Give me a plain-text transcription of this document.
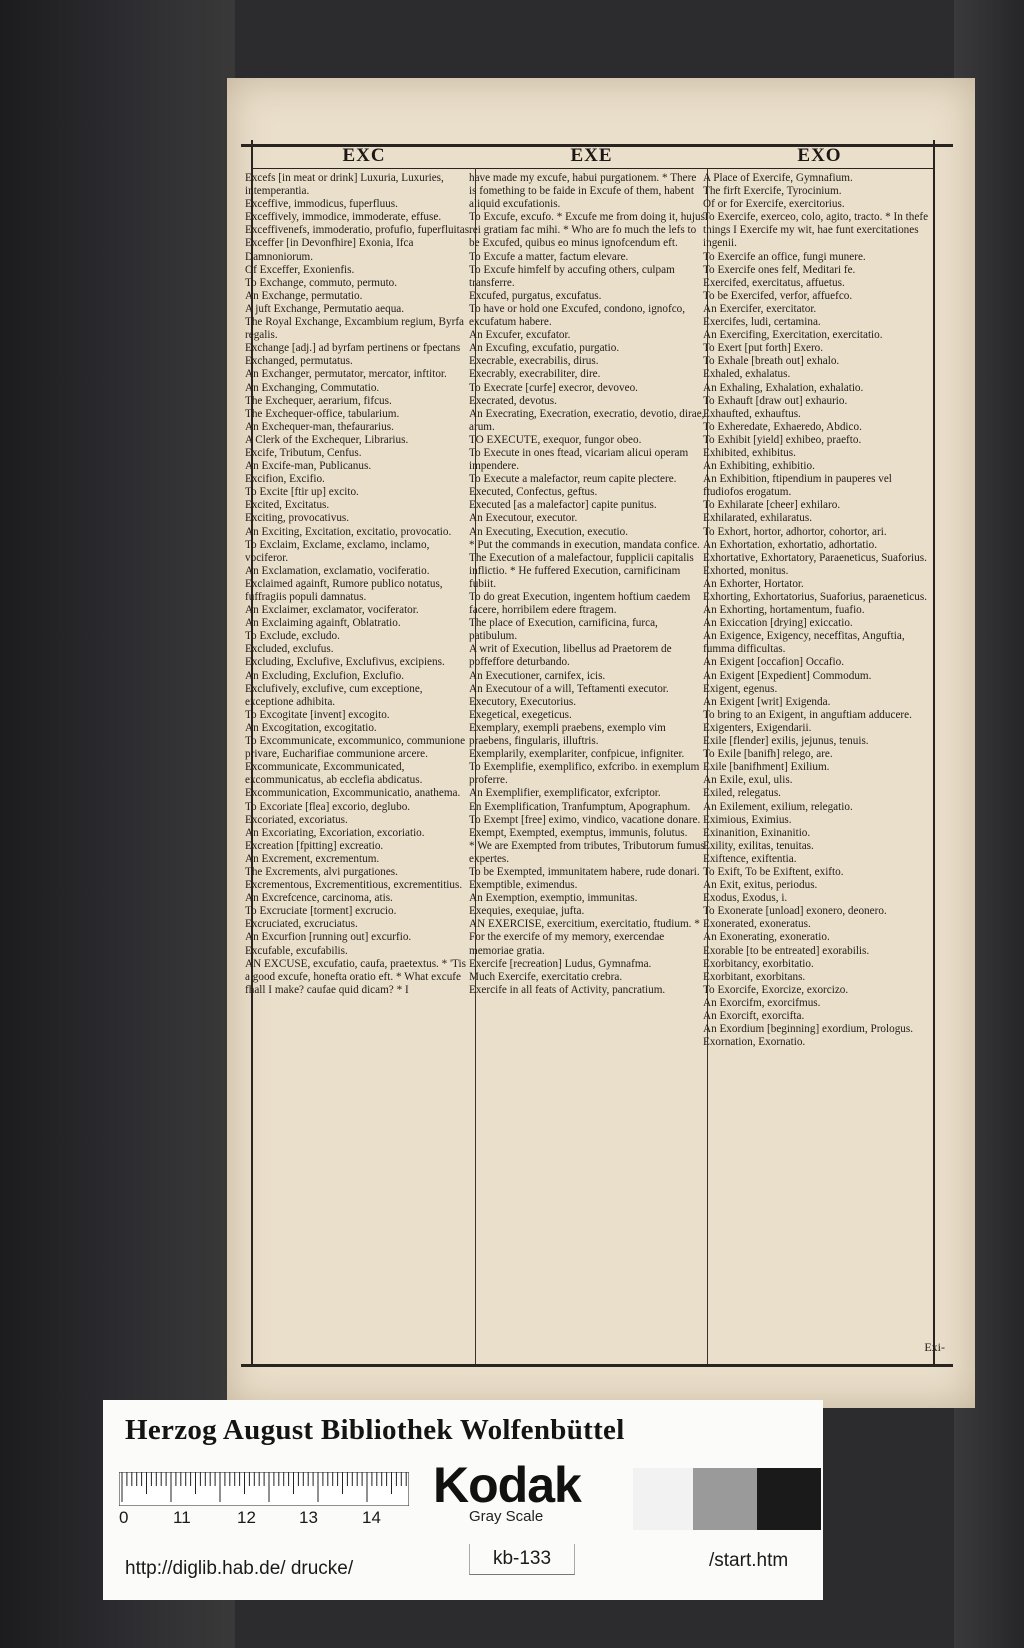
EXC	EXE	EXO

Excefs [in meat or drink] Luxuria, Luxuries, intemperantia.

Exceffive, immodicus, fuperfluus.

Exceffively, immodice, immoderate, effuse.

Exceffivenefs, immoderatio, profufio, fuperfluitas.

Exceffer [in Devonfhire] Exonia, Ifca Damnoniorum.

Of Exceffer, Exonienfis.

To Exchange, commuto, permuto.

An Exchange, permutatio.

A juft Exchange, Permutatio aequa.

The Royal Exchange, Excambium regium, Byrfa regalis.

Exchange [adj.] ad byrfam pertinens or fpectans

Exchanged, permutatus.

An Exchanger, permutator, mercator, inftitor.

An Exchanging, Commutatio.

The Exchequer, aerarium, fifcus.

The Exchequer-office, tabularium.

An Exchequer-man, thefaurarius.

A Clerk of the Exchequer, Librarius.

Excife, Tributum, Cenfus.

An Excife-man, Publicanus.

Excifion, Excifio.

To Excite [ftir up] excito.

Excited, Excitatus.

Exciting, provocativus.

An Exciting, Excitation, excitatio, provocatio.

To Exclaim, Exclame, exclamo, inclamo, vociferor.

An Exclamation, exclamatio, vociferatio.

Exclaimed againft, Rumore publico notatus, fuffragiis populi damnatus.

An Exclaimer, exclamator, vociferator.

An Exclaiming againft, Oblatratio.

To Exclude, excludo.

Excluded, exclufus.

Excluding, Exclufive, Exclufivus, excipiens.

An Excluding, Exclufion, Exclufio.

Exclufively, exclufive, cum exceptione, exceptione adhibita.

To Excogitate [invent] excogito.

An Excogitation, excogitatio.

To Excommunicate, excommunico, communione privare, Eucharifiae communione arcere.

Excommunicate, Excommunicated, excommunicatus, ab ecclefia abdicatus.

Excommunication, Excommunicatio, anathema.

To Excoriate [flea] excorio, deglubo.

Excoriated, excoriatus.

An Excoriating, Excoriation, excoriatio.

Excreation [fpitting] excreatio.

An Excrement, excrementum.

The Excrements, alvi purgationes.

Excrementous, Excrementitious, excrementitius.

An Excrefcence, carcinoma, atis.

To Excruciate [torment] excrucio.

Excruciated, excruciatus.

An Excurfion [running out] excurfio.

Excufable, excufabilis.

AN EXCUSE, excufatio, caufa, praetextus. * 'Tis a good excufe, honefta oratio eft. * What excufe fhall I make? caufae quid dicam? * I

have made my excufe, habui purgationem. * There is fomething to be faide in Excufe of them, habent aliquid excufationis.

To Excufe, excufo. * Excufe me from doing it, hujus rei gratiam fac mihi. * Who are fo much the lefs to be Excufed, quibus eo minus ignofcendum eft.

To Excufe a matter, factum elevare.

To Excufe himfelf by accufing others, culpam transferre.

Excufed, purgatus, excufatus.

To have or hold one Excufed, condono, ignofco, excufatum habere.

An Excufer, excufator.

An Excufing, excufatio, purgatio.

Execrable, execrabilis, dirus.

Execrably, execrabiliter, dire.

To Execrate [curfe] execror, devoveo.

Execrated, devotus.

An Execrating, Execration, execratio, devotio, dirae, arum.

TO EXECUTE, exequor, fungor obeo.

To Execute in ones ftead, vicariam alicui operam impendere.

To Execute a malefactor, reum capite plectere.

Executed, Confectus, geftus.

Executed [as a malefactor] capite punitus.

An Executour, executor.

An Executing, Execution, executio.

* Put the commands in execution, mandata confice.

The Execution of a malefactour, fupplicii capitalis inflictio. * He fuffered Execution, carnificinam fubiit.

To do great Execution, ingentem hoftium caedem facere, horribilem edere ftragem.

The place of Execution, carnificina, furca, patibulum.

A writ of Execution, libellus ad Praetorem de poffeffore deturbando.

An Executioner, carnifex, icis.

An Executour of a will, Teftamenti executor.

Executory, Executorius.

Exegetical, exegeticus.

Exemplary, exempli praebens, exemplo vim praebens, fingularis, illuftris.

Exemplarily, exemplariter, confpicue, infigniter.

To Exemplifie, exemplifico, exfcribo. in exemplum proferre.

An Exemplifier, exemplificator, exfcriptor.

En Exemplification, Tranfumptum, Apographum.

To Exempt [free] eximo, vindico, vacatione donare.

Exempt, Exempted, exemptus, immunis, folutus.

* We are Exempted from tributes, Tributorum fumus expertes.

To be Exempted, immunitatem habere, rude donari.

Exemptible, eximendus.

An Exemption, exemptio, immunitas.

Exequies, exequiae, jufta.

AN EXERCISE, exercitium, exercitatio, ftudium. * For the exercife of my memory, exercendae memoriae gratia.

Exercife [recreation] Ludus, Gymnafma.

Much Exercife, exercitatio crebra.

Exercife in all feats of Activity, pancratium.

A Place of Exercife, Gymnafium.

The firft Exercife, Tyrocinium.

Of or for Exercife, exercitorius.

To Exercife, exerceo, colo, agito, tracto. * In thefe things I Exercife my wit, hae funt exercitationes ingenii.

To Exercife an office, fungi munere.

To Exercife ones felf, Meditari fe.

Exercifed, exercitatus, affuetus.

To be Exercifed, verfor, affuefco.

An Exercifer, exercitator.

Exercifes, ludi, certamina.

An Exercifing, Exercitation, exercitatio.

To Exert [put forth] Exero.

To Exhale [breath out] exhalo.

Exhaled, exhalatus.

An Exhaling, Exhalation, exhalatio.

To Exhauft [draw out] exhaurio.

Exhaufted, exhauftus.

To Exheredate, Exhaeredo, Abdico.

To Exhibit [yield] exhibeo, praefto.

Exhibited, exhibitus.

An Exhibiting, exhibitio.

An Exhibition, ftipendium in pauperes vel ftudiofos erogatum.

To Exhilarate [cheer] exhilaro.

Exhilarated, exhilaratus.

To Exhort, hortor, adhortor, cohortor, ari.

An Exhortation, exhortatio, adhortatio.

Exhortative, Exhortatory, Paraeneticus, Suaforius.

Exhorted, monitus.

An Exhorter, Hortator.

Exhorting, Exhortatorius, Suaforius, paraeneticus.

An Exhorting, hortamentum, fuafio.

An Exiccation [drying] exiccatio.

An Exigence, Exigency, neceffitas, Anguftia, fumma difficultas.

An Exigent [occafion] Occafio.

An Exigent [Expedient] Commodum.

Exigent, egenus.

An Exigent [writ] Exigenda.

To bring to an Exigent, in anguftiam adducere.

Exigenters, Exigendarii.

Exile [flender] exilis, jejunus, tenuis.

To Exile [banifh] relego, are.

Exile [banifhment] Exilium.

An Exile, exul, ulis.

Exiled, relegatus.

An Exilement, exilium, relegatio.

Eximious, Eximius.

Exinanition, Exinanitio.

Exility, exilitas, tenuitas.

Exiftence, exiftentia.

To Exift, To be Exiftent, exifto.

An Exit, exitus, periodus.

Exodus, Exodus, i.

To Exonerate [unload] exonero, deonero.

Exonerated, exoneratus.

An Exonerating, exoneratio.

Exorable [to be entreated] exorabilis.

Exorbitancy, exorbitatio.

Exorbitant, exorbitans.

To Exorcife, Exorcize, exorcizo.

An Exorcifm, exorcifmus.

An Exorcift, exorcifta.

An Exordium [beginning] exordium, Prologus.

Exornation, Exornatio.

Exi-
Herzog August Bibliothek Wolfenbüttel
0	11	12	13	14
Kodak
Gray Scale
http://diglib.hab.de/ drucke/	kb-133	/start.htm
